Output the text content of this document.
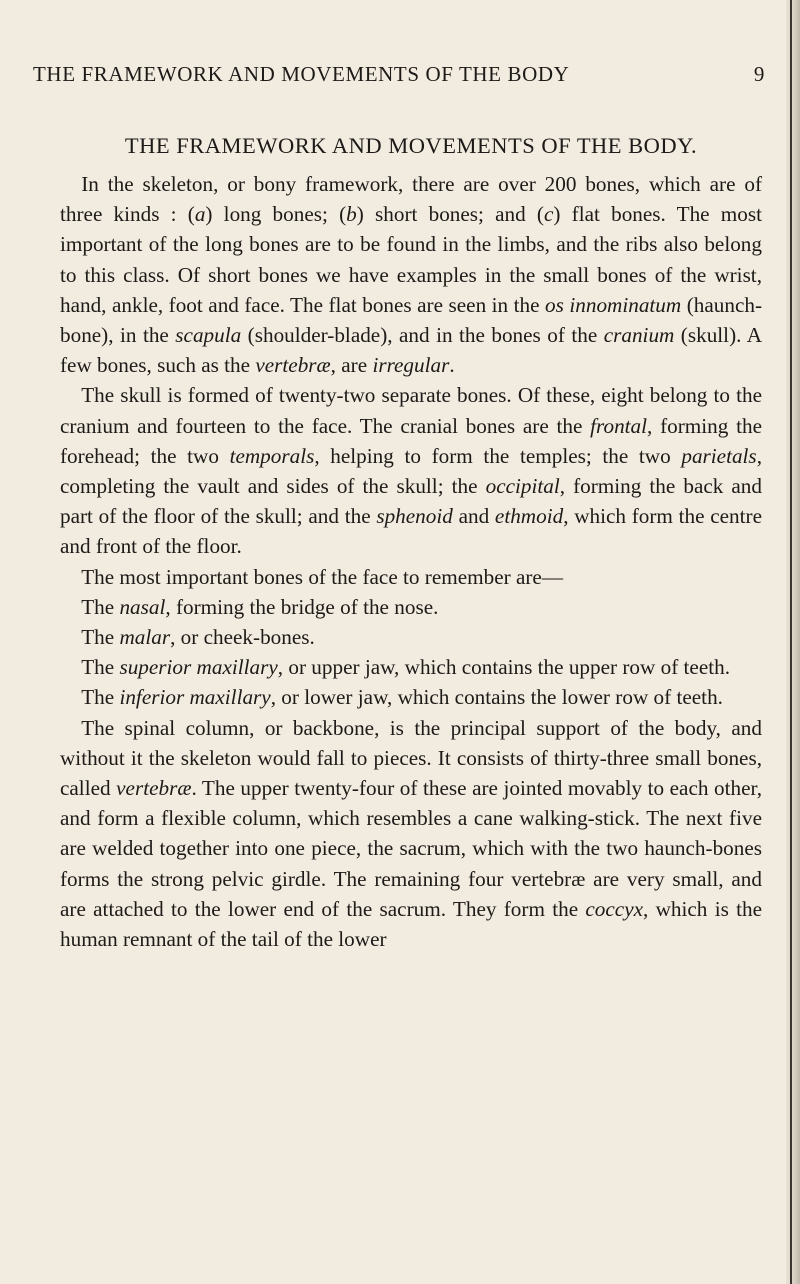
THE FRAMEWORK AND MOVEMENTS OF THE BODY	9
THE FRAMEWORK AND MOVEMENTS OF THE BODY.

In the skeleton, or bony framework, there are over 200 bones, which are of three kinds : (a) long bones; (b) short bones; and (c) flat bones. The most important of the long bones are to be found in the limbs, and the ribs also belong to this class. Of short bones we have examples in the small bones of the wrist, hand, ankle, foot and face. The flat bones are seen in the os innominatum (haunch-bone), in the scapula (shoulder-blade), and in the bones of the cranium (skull). A few bones, such as the vertebræ, are irregular.

The skull is formed of twenty-two separate bones. Of these, eight belong to the cranium and fourteen to the face. The cranial bones are the frontal, forming the forehead; the two temporals, helping to form the temples; the two parietals, completing the vault and sides of the skull; the occipital, forming the back and part of the floor of the skull; and the sphenoid and ethmoid, which form the centre and front of the floor.

The most important bones of the face to remember are—

The nasal, forming the bridge of the nose.

The malar, or cheek-bones.

The superior maxillary, or upper jaw, which contains the upper row of teeth.

The inferior maxillary, or lower jaw, which contains the lower row of teeth.

The spinal column, or backbone, is the principal support of the body, and without it the skeleton would fall to pieces. It consists of thirty-three small bones, called vertebræ. The upper twenty-four of these are jointed movably to each other, and form a flexible column, which resembles a cane walking-stick. The next five are welded together into one piece, the sacrum, which with the two haunch-bones forms the strong pelvic girdle. The remaining four vertebræ are very small, and are attached to the lower end of the sacrum. They form the coccyx, which is the human remnant of the tail of the lower
